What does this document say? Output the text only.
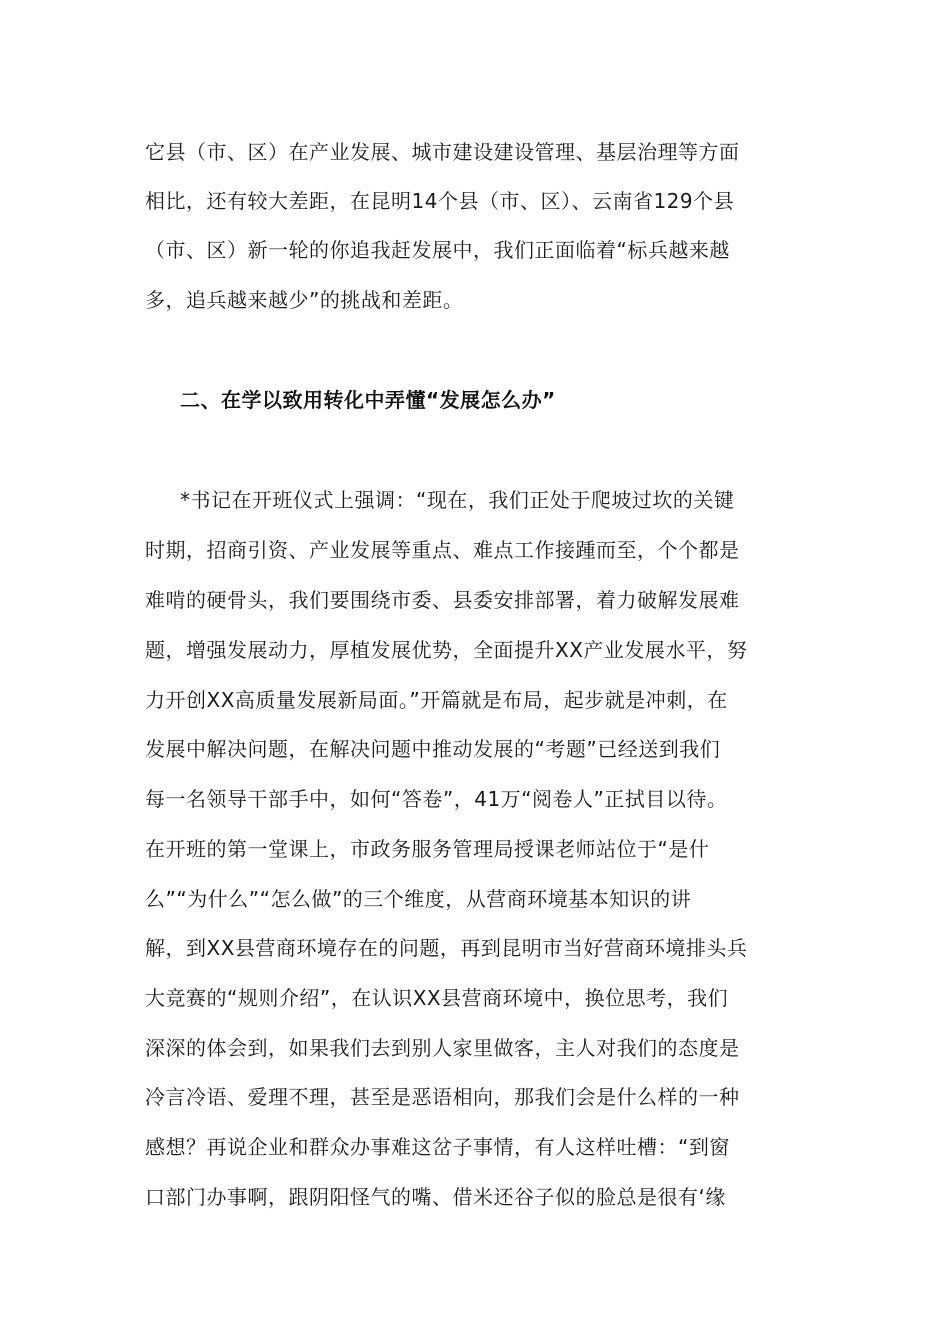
它县（市、区）在产业发展、城市建设建设管理、基层治理等方面
相比，还有较大差距，在昆明14个县（市、区）、云南省129个县
（市、区）新一轮的你追我赶发展中，我们正面临着“标兵越来越
多，追兵越来越少”的挑战和差距。
二、在学以致用转化中弄懂“发展怎么办”
*书记在开班仪式上强调：“现在，我们正处于爬坡过坎的关键
时期，招商引资、产业发展等重点、难点工作接踵而至，个个都是
难啃的硬骨头，我们要围绕市委、县委安排部署，着力破解发展难
题，增强发展动力，厚植发展优势，全面提升XX产业发展水平，努
力开创XX高质量发展新局面。”开篇就是布局，起步就是冲刺，在
发展中解决问题，在解决问题中推动发展的“考题”已经送到我们
每一名领导干部手中，如何“答卷”，41万“阅卷人”正拭目以待。
在开班的第一堂课上，市政务服务管理局授课老师站位于“是什
么”“为什么”“怎么做”的三个维度，从营商环境基本知识的讲
解，到XX县营商环境存在的问题，再到昆明市当好营商环境排头兵
大竞赛的“规则介绍”，在认识XX县营商环境中，换位思考，我们
深深的体会到，如果我们去到别人家里做客，主人对我们的态度是
冷言冷语、爱理不理，甚至是恶语相向，那我们会是什么样的一种
感想？再说企业和群众办事难这岔子事情，有人这样吐槽：“到窗
口部门办事啊，跟阴阳怪气的嘴、借米还谷子似的脸总是很有‘缘
